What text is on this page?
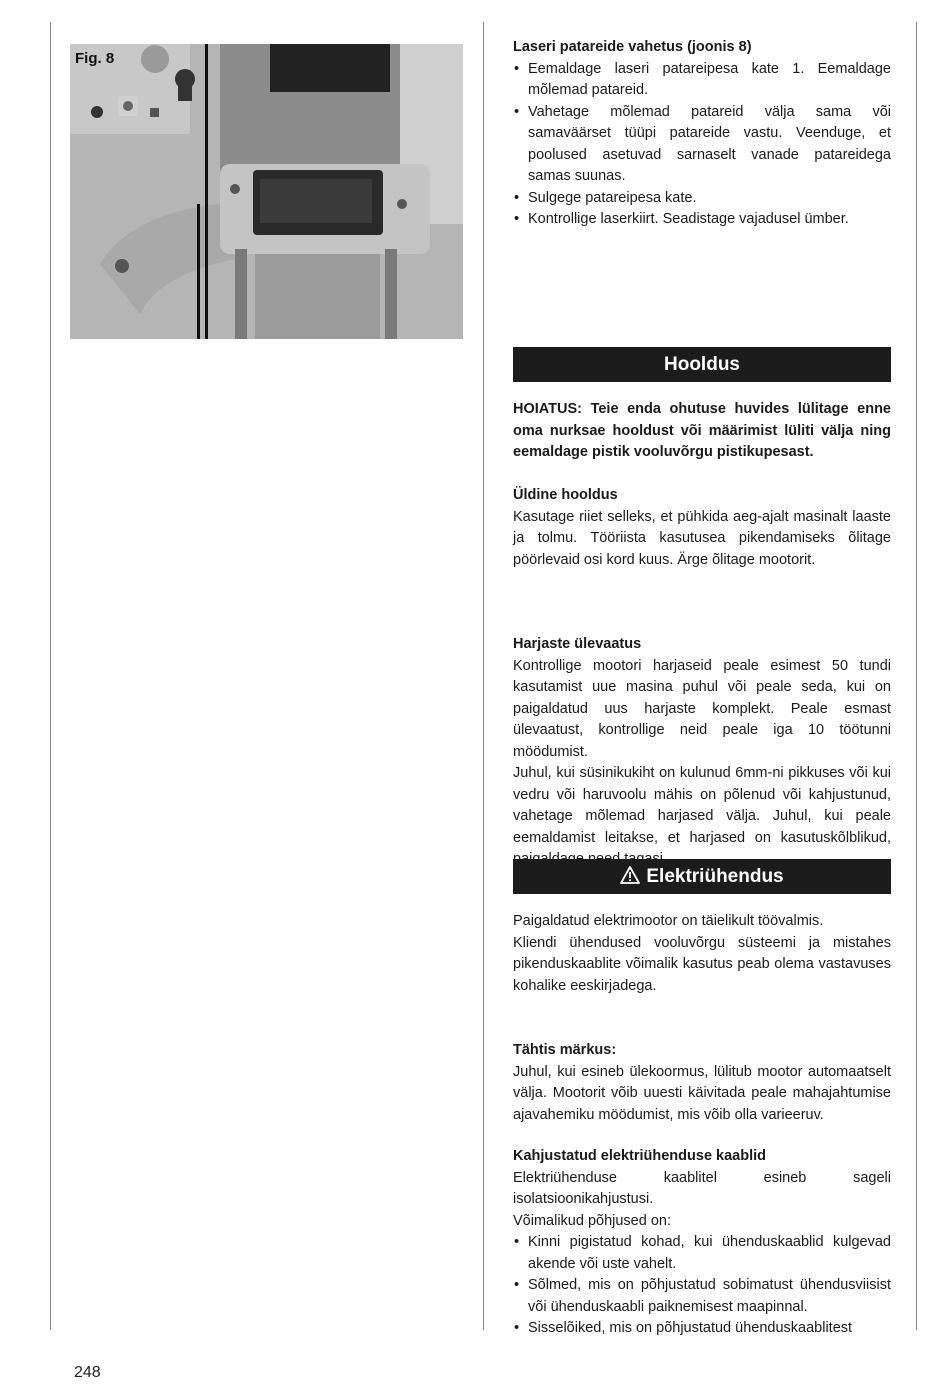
Fig. 8

Laseri patareide vahetus (joonis 8)

• Eemaldage laseri patareipesa kate 1. Eemaldage mõlemad patareid.
• Vahetage mõlemad patareid välja sama või samaväärset tüüpi patareide vastu. Veenduge, et poolused asetuvad sarnaselt vanade patareidega samas suunas.
• Sulgege patareipesa kate.
• Kontrollige laserkiirt. Seadistage vajadusel ümber.
Hooldus

HOIATUS: Teie enda ohutuse huvides lülitage enne oma nurksae hooldust või määrimist lüliti välja ning eemaldage pistik vooluvõrgu pistikupesast.

Üldine hooldus

Kasutage riiet selleks, et pühkida aeg-ajalt masinalt laaste ja tolmu. Tööriista kasutusea pikendamiseks õlitage pöörlevaid osi kord kuus. Ärge õlitage mootorit.

Harjaste ülevaatus

Kontrollige mootori harjaseid peale esimest 50 tundi kasutamist uue masina puhul või peale seda, kui on paigaldatud uus harjaste komplekt. Peale esmast ülevaatust, kontrollige neid peale iga 10 töötunni möödumist.

Juhul, kui süsinikukiht on kulunud 6mm-ni pikkuses või kui vedru või haruvoolu mähis on põlenud või kahjustunud, vahetage mõlemad harjased välja. Juhul, kui peale eemaldamist leitakse, et harjased on kasutuskõlblikud,

Elektriühendus

Paigaldatud elektrimootor on täielikult töövalmis.

Kliendi ühendused vooluvõrgu süsteemi ja mistahes pikenduskaablite võimalik kasutus peab olema vastavuses kohalike eeskirjadega.

Tähtis märkus:

Juhul, kui esineb ülekoormus, lülitub mootor automaatselt välja. Mootorit võib uuesti käivitada peale mahajahtumise ajavahemiku möödumist, mis võib olla varieeruv.

Kahjustatud elektriühenduse kaablid

Elektriühenduse kaablitel esineb sageli isolatsioonikahjustusi.

Võimalikud põhjused on:

• Kinni pigistatud kohad, kui ühenduskaablid kulgevad akende või uste vahelt.
• Sõlmed, mis on põhjustatud sobimatust ühendusviisist või ühenduskaabli paiknemisest maapinnal.
• Sisselõiked, mis on põhjustatud ühenduskaablitest
248
